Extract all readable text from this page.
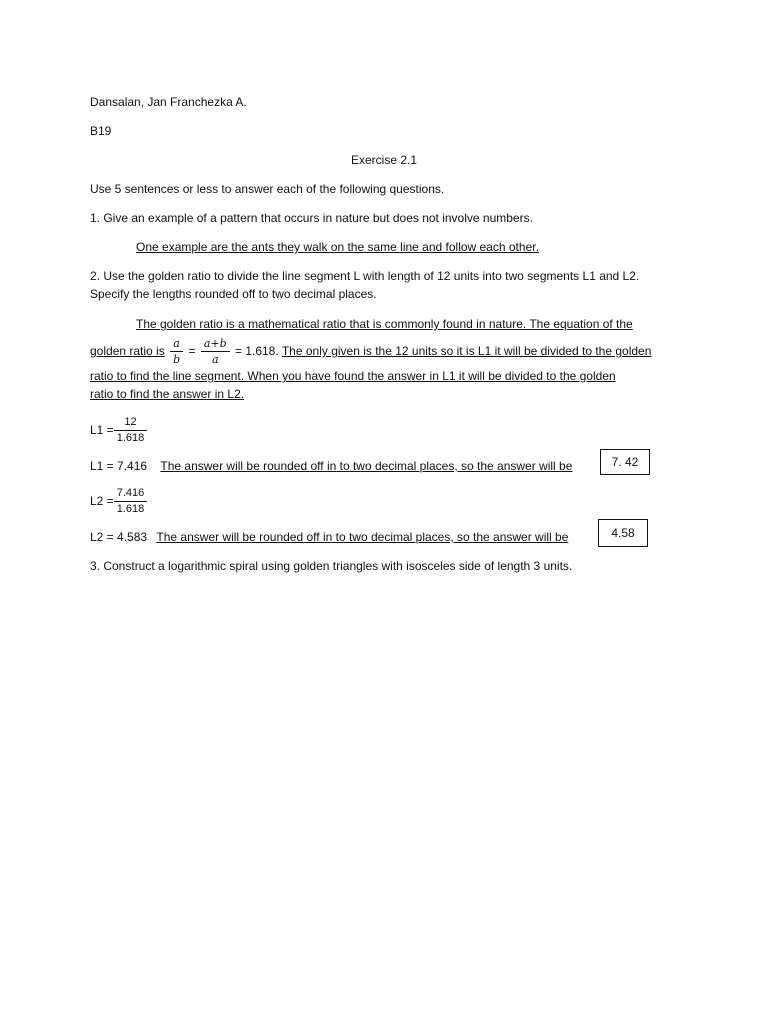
Dansalan, Jan Franchezka A.
B19
Exercise 2.1
Use 5 sentences or less to answer each of the following questions.
1. Give an example of a pattern that occurs in nature but does not involve numbers.
One example are the ants they walk on the same line and follow each other.
2. Use the golden ratio to divide the line segment L with length of 12 units into two segments L1 and L2.
Specify the lengths rounded off to two decimal places.
The golden ratio is a mathematical ratio that is commonly found in nature. The equation of the
golden ratio is $\frac{a}{b} = \frac{a+b}{a} = 1.618$. The only given is the 12 units so it is L1 it will be divided to the golden
ratio to find the line segment. When you have found the answer in L1 it will be divided to the golden
ratio to find the answer in L2.
$L1 = \frac{12}{1.618}$
L1 = 7.416 The answer will be rounded off in to two decimal places, so the answer will be	7. 42
$L2 = \frac{7.416}{1.618}$
L2 = 4.583 The answer will be rounded off in to two decimal places, so the answer will be	4.58
3. Construct a logarithmic spiral using golden triangles with isosceles side of length 3 units.
